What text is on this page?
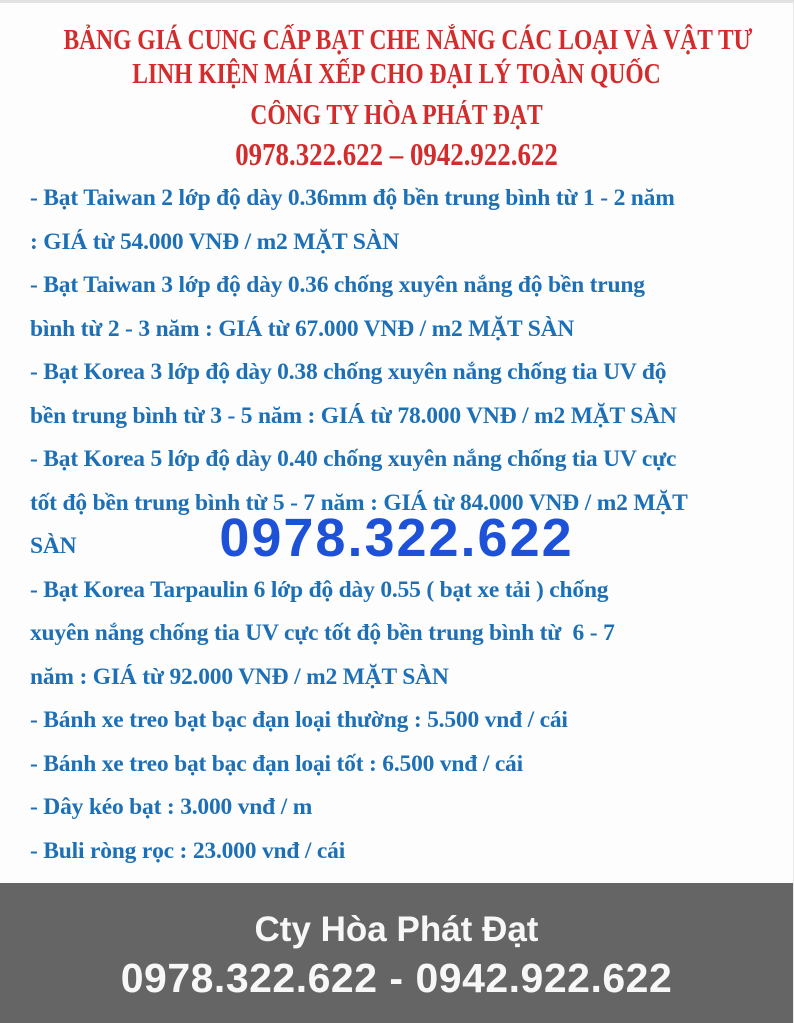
BẢNG GIÁ CUNG CẤP BẠT CHE NẮNG CÁC LOẠI VÀ VẬT TƯ
LINH KIỆN MÁI XẾP CHO ĐẠI LÝ TOÀN QUỐC
CÔNG TY HÒA PHÁT ĐẠT
0978.322.622 – 0942.922.622
- Bạt Taiwan 2 lớp độ dày 0.36mm độ bền trung bình từ 1 - 2 năm
: GIÁ từ 54.000 VNĐ / m2 MẶT SÀN
- Bạt Taiwan 3 lớp độ dày 0.36 chống xuyên nắng độ bền trung
bình từ 2 - 3 năm : GIÁ từ 67.000 VNĐ / m2 MẶT SÀN
- Bạt Korea 3 lớp độ dày 0.38 chống xuyên nắng chống tia UV độ
bền trung bình từ 3 - 5 năm : GIÁ từ 78.000 VNĐ / m2 MẶT SÀN
- Bạt Korea 5 lớp độ dày 0.40 chống xuyên nắng chống tia UV cực
tốt độ bền trung bình từ 5 - 7 năm : GIÁ từ 84.000 VNĐ / m2 MẶT
SÀN
- Bạt Korea Tarpaulin 6 lớp độ dày 0.55 ( bạt xe tải ) chống
xuyên nắng chống tia UV cực tốt độ bền trung bình từ  6 - 7
năm : GIÁ từ 92.000 VNĐ / m2 MẶT SÀN
- Bánh xe treo bạt bạc đạn loại thường : 5.500 vnđ / cái
- Bánh xe treo bạt bạc đạn loại tốt : 6.500 vnđ / cái
- Dây kéo bạt : 3.000 vnđ / m
- Buli ròng rọc : 23.000 vnđ / cái
0978.322.622
Cty Hòa Phát Đạt
0978.322.622 - 0942.922.622
